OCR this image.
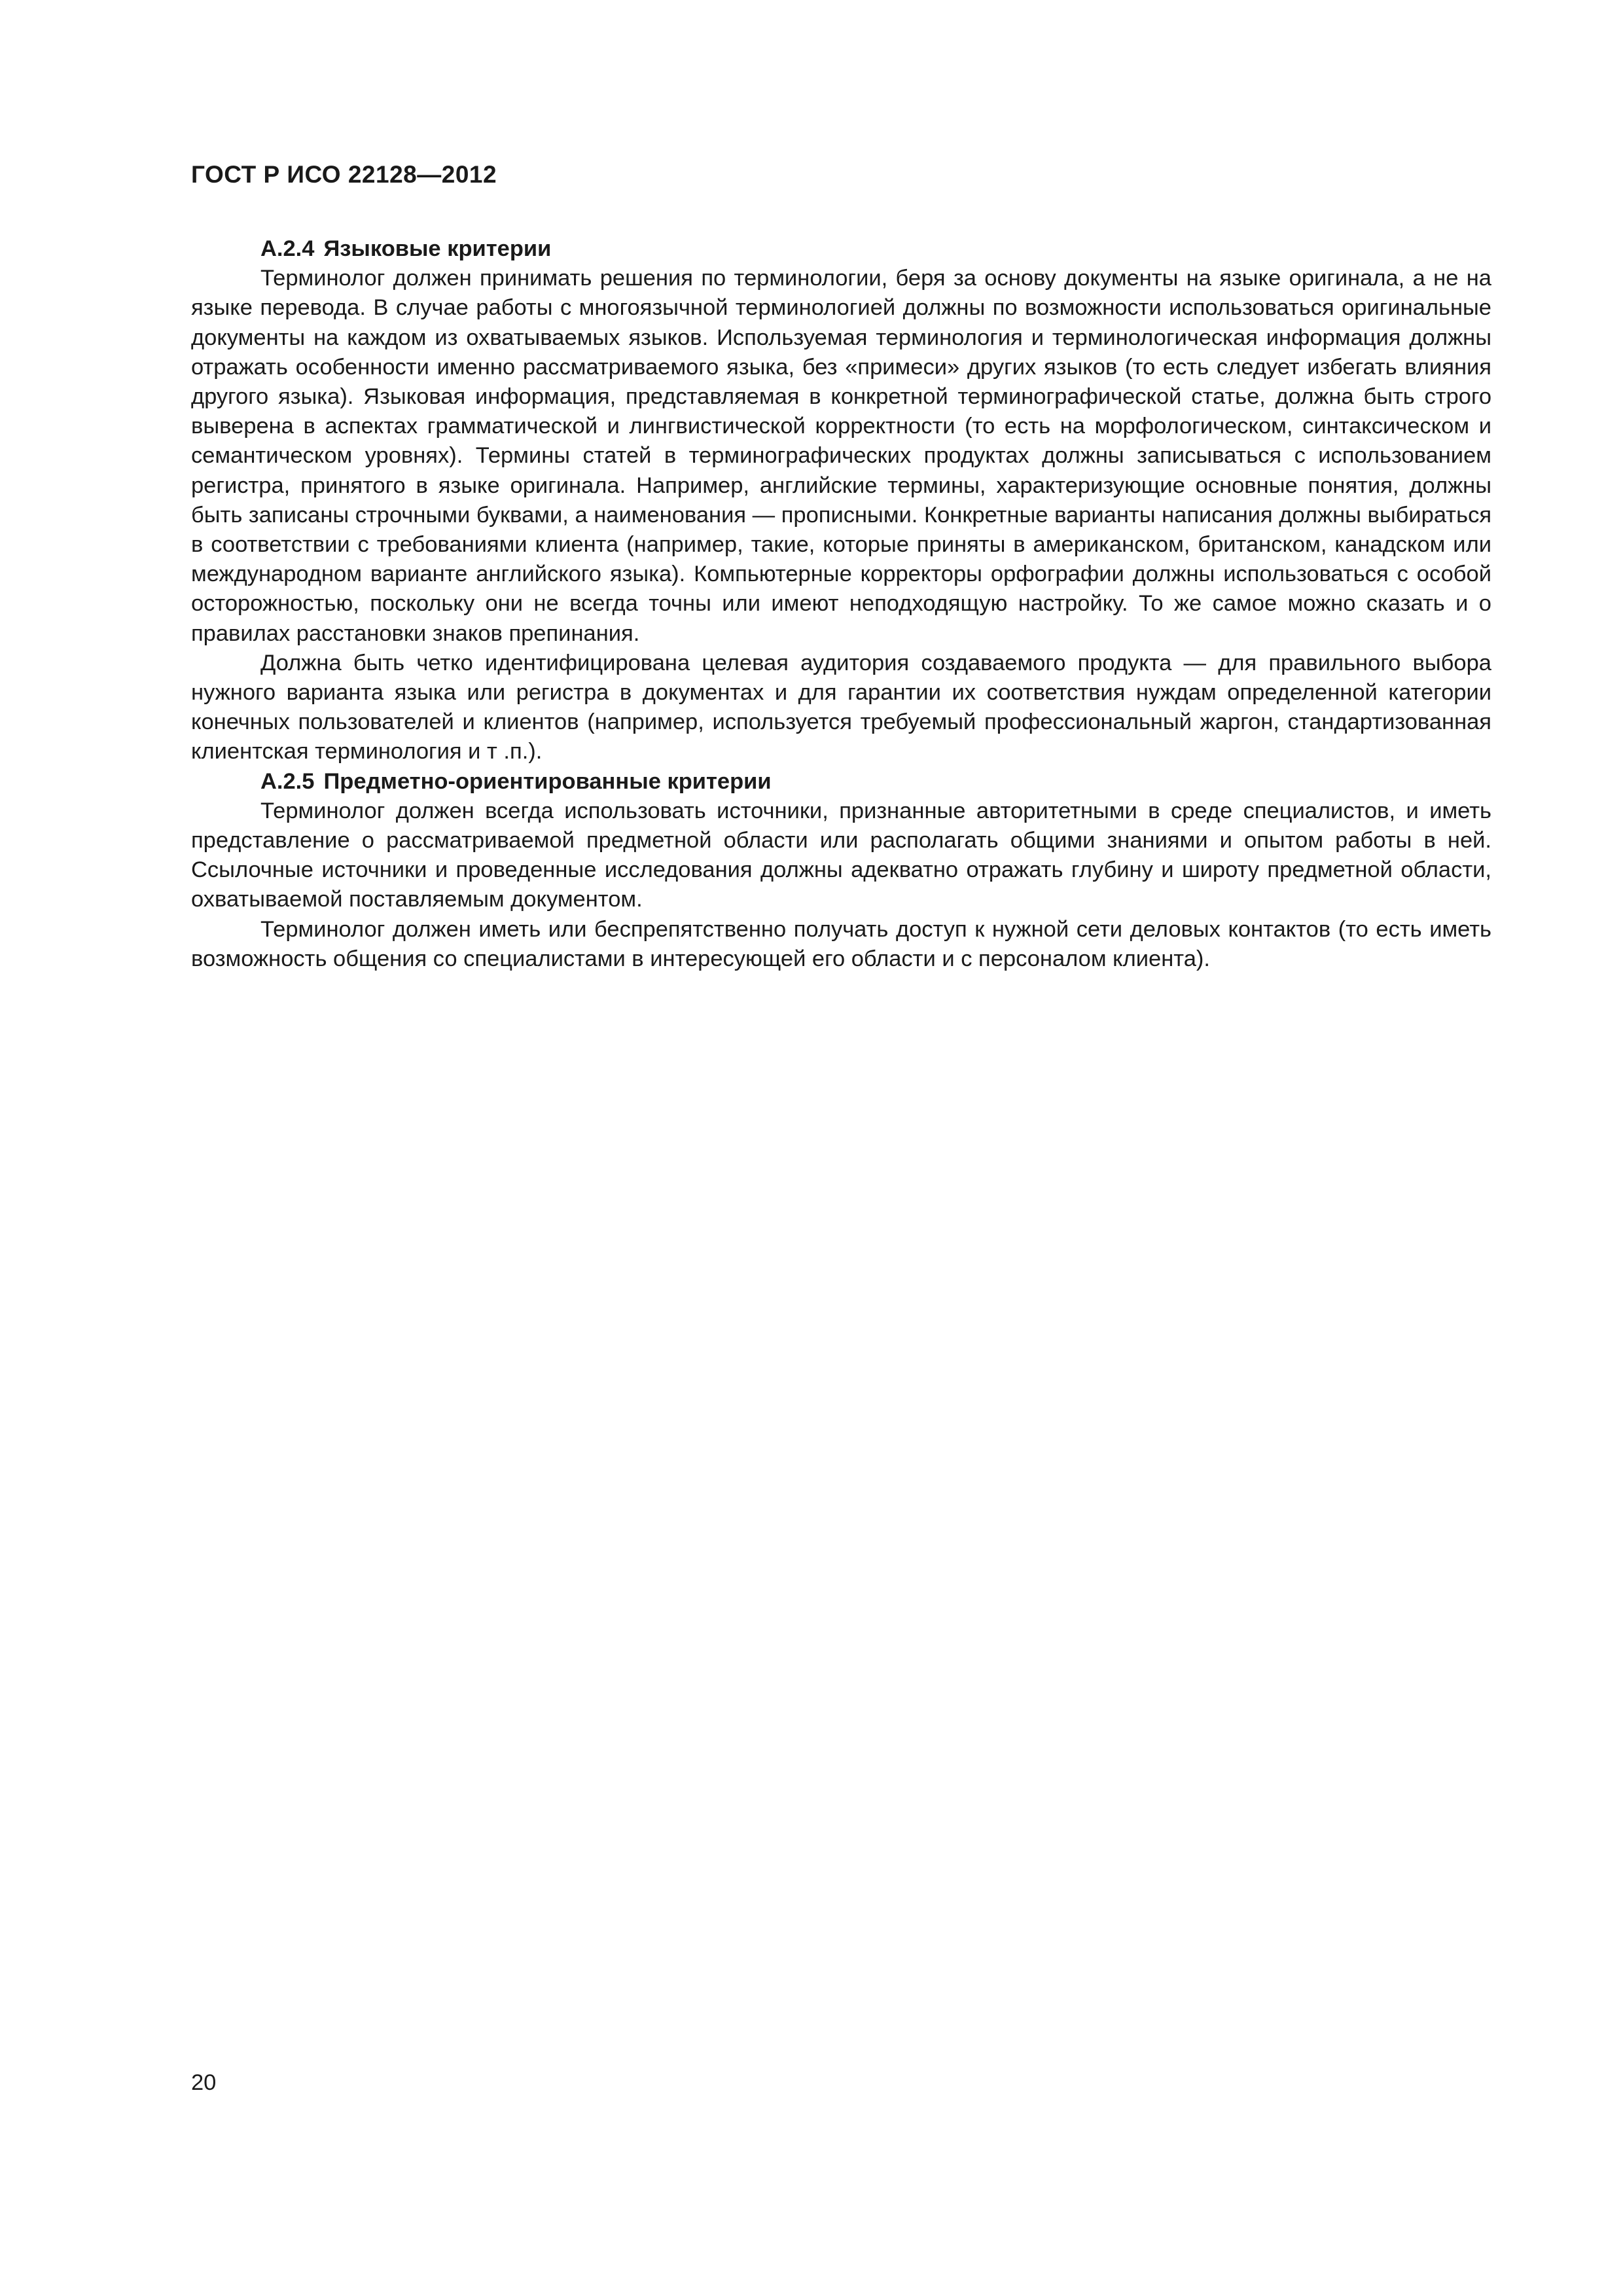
ГОСТ Р ИСО 22128—2012
А.2.4 Языковые критерии

Терминолог должен принимать решения по терминологии, беря за основу документы на языке оригинала, а не на языке перевода. В случае работы с многоязычной терминологией должны по возможности использоваться оригинальные документы на каждом из охватываемых языков. Используемая терминология и терминологическая информация должны отражать особенности именно рассматриваемого языка, без «примеси» других языков (то есть следует избегать влияния другого языка). Языковая информация, представляемая в конкретной терминографической статье, должна быть строго выверена в аспектах грамматической и лингвистической корректности (то есть на морфологическом, синтаксическом и семантическом уровнях). Термины статей в терминографических продуктах должны записываться с использованием регистра, принятого в языке оригинала. Например, английские термины, характеризующие основные понятия, должны быть записаны строчными буквами, а наименования — прописными. Конкретные варианты написания должны выбираться в соответствии с требованиями клиента (например, такие, которые приняты в американском, британском, канадском или международном варианте английского языка). Компьютерные корректоры орфографии должны использоваться с особой осторожностью, поскольку они не всегда точны или имеют неподходящую настройку. То же самое можно сказать и о правилах расстановки знаков препинания.

Должна быть четко идентифицирована целевая аудитория создаваемого продукта — для правильного выбора нужного варианта языка или регистра в документах и для гарантии их соответствия нуждам определенной категории конечных пользователей и клиентов (например, используется требуемый профессиональный жаргон, стандартизованная клиентская терминология и т .п.).

А.2.5 Предметно-ориентированные критерии

Терминолог должен всегда использовать источники, признанные авторитетными в среде специалистов, и иметь представление о рассматриваемой предметной области или располагать общими знаниями и опытом работы в ней. Ссылочные источники и проведенные исследования должны адекватно отражать глубину и широту предметной области, охватываемой поставляемым документом.

Терминолог должен иметь или беспрепятственно получать доступ к нужной сети деловых контактов (то есть иметь возможность общения со специалистами в интересующей его области и с персоналом клиента).

20
